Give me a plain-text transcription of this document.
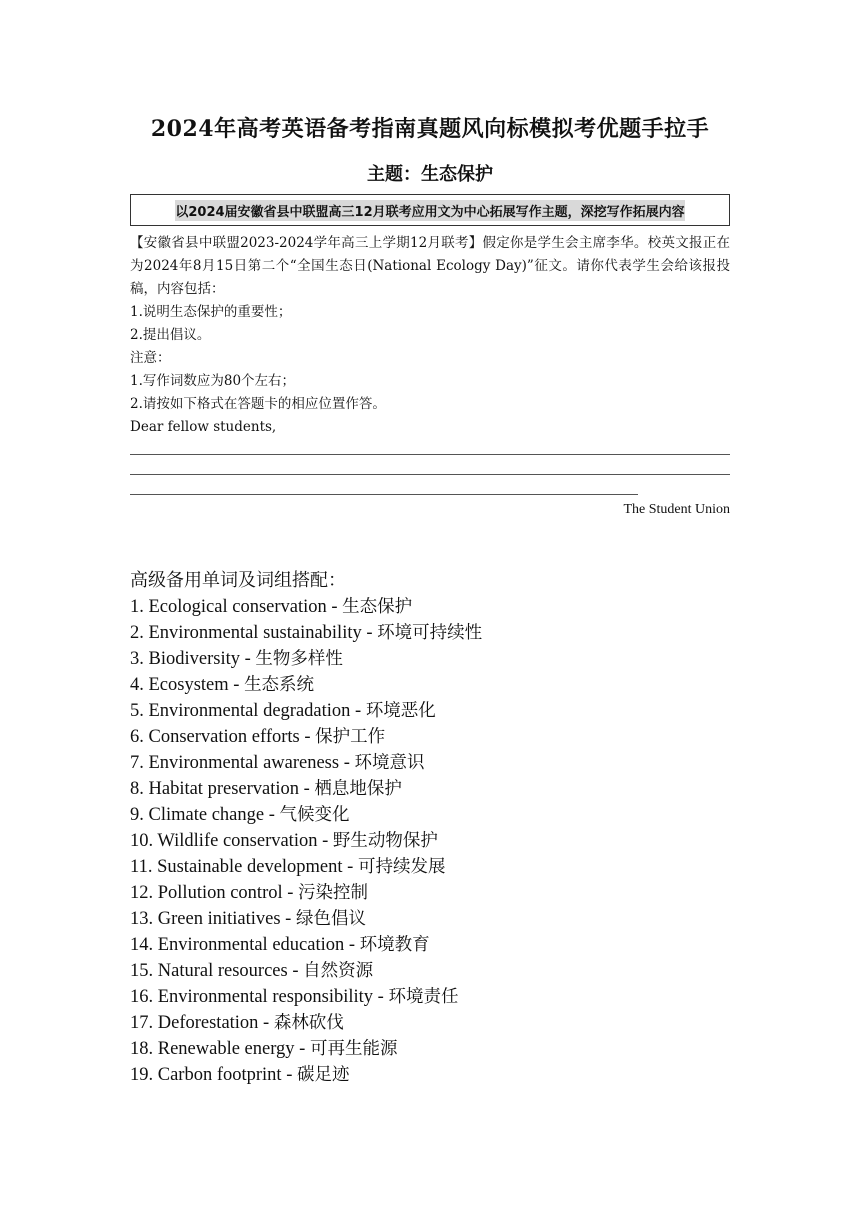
2024年高考英语备考指南真题风向标模拟考优题手拉手
主题：生态保护
以2024届安徽省县中联盟高三12月联考应用文为中心拓展写作主题，深挖写作拓展内容

【安徽省县中联盟2023-2024学年高三上学期12月联考】假定你是学生会主席李华。校英文报正在为2024年8月15日第二个“全国生态日(National Ecology Day)”征文。请你代表学生会给该报投稿，内容包括：

1.说明生态保护的重要性；

2.提出倡议。

注意：

1.写作词数应为80个左右；

2.请按如下格式在答题卡的相应位置作答。

Dear fellow students,

The Student Union

高级备用单词及词组搭配：

1. Ecological conservation - 生态保护
2. Environmental sustainability - 环境可持续性
3. Biodiversity - 生物多样性
4. Ecosystem - 生态系统
5. Environmental degradation - 环境恶化
6. Conservation efforts - 保护工作
7. Environmental awareness - 环境意识
8. Habitat preservation - 栖息地保护
9. Climate change - 气候变化
10. Wildlife conservation - 野生动物保护
11. Sustainable development - 可持续发展
12. Pollution control - 污染控制
13. Green initiatives - 绿色倡议
14. Environmental education - 环境教育
15. Natural resources - 自然资源
16. Environmental responsibility - 环境责任
17. Deforestation - 森林砍伐
18. Renewable energy - 可再生能源
19. Carbon footprint - 碳足迹
